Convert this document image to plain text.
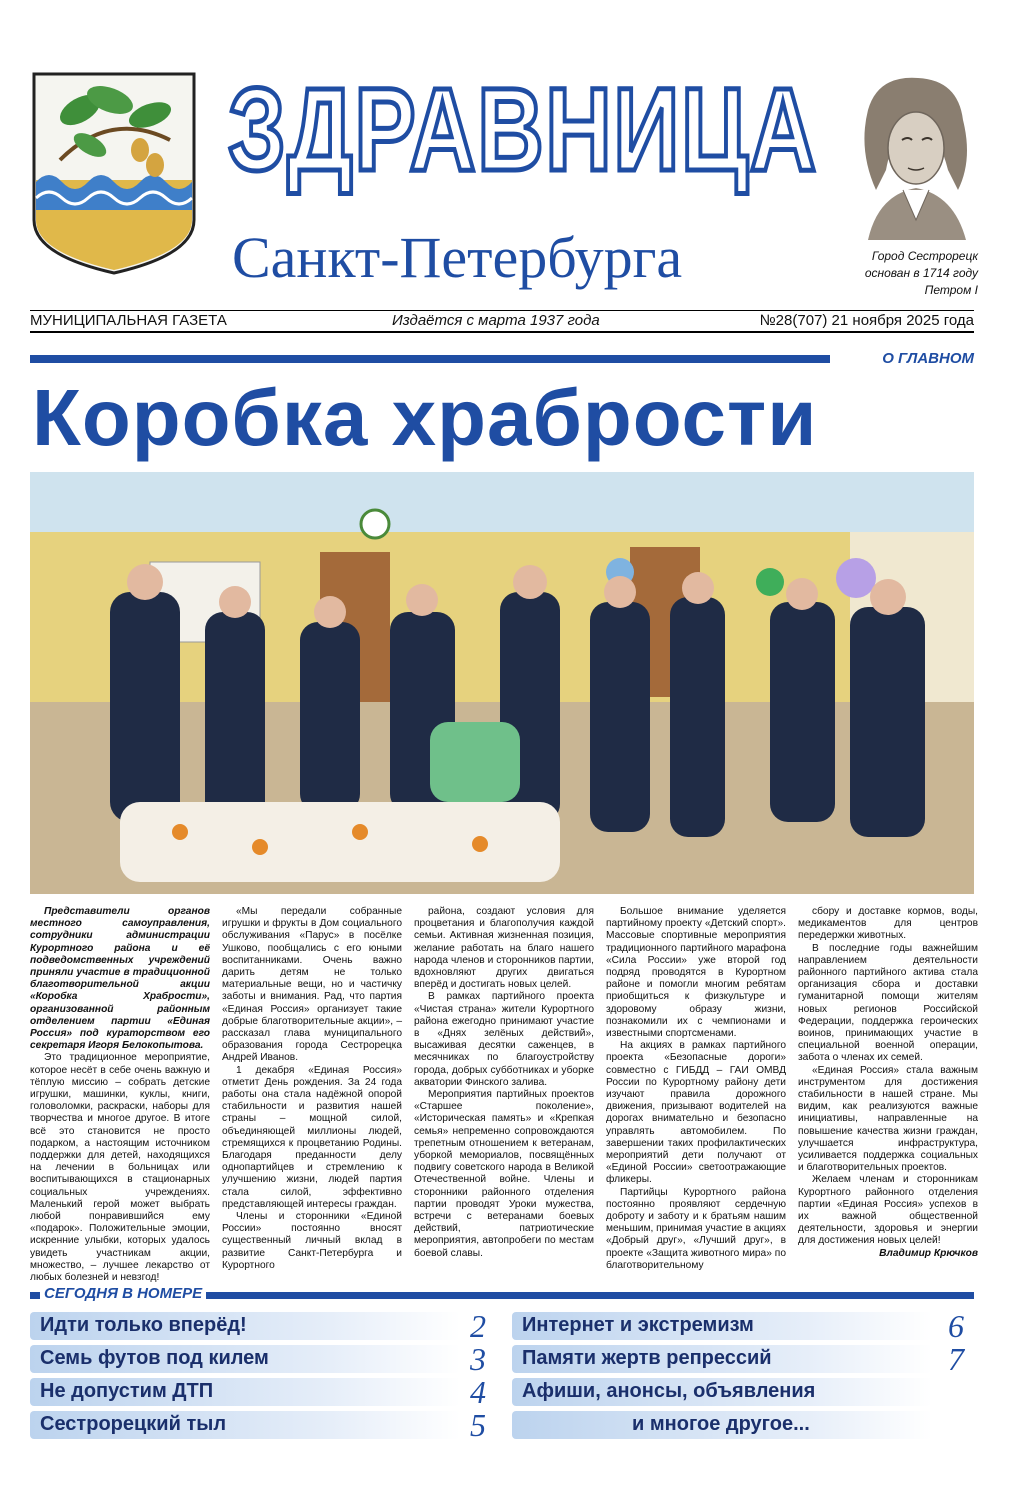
ЗДРАВНИЦА
Санкт-Петербурга	Город Сестрорецк
основан в 1714 году
Петром I
МУНИЦИПАЛЬНАЯ ГАЗЕТА	Издаётся с марта 1937 года	№28(707) 21 ноября 2025 года
О ГЛАВНОМ
Коробка храбрости

Представители органов местного самоуправления, сотрудники администрации Курортного района и её подведомственных учреждений приняли участие в традиционной благотворительной акции «Коробка Храбрости», организованной районным отделением партии «Единая Россия» под кураторством его секретаря Игоря Белокопытова.

Это традиционное мероприятие, которое несёт в себе очень важную и тёплую миссию – собрать детские игрушки, машинки, куклы, книги, головоломки, раскраски, наборы для творчества и многое другое. В итоге всё это становится не просто подарком, а настоящим источником поддержки для детей, находящихся на лечении в больницах или воспитывающихся в стационарных социальных учреждениях. Маленький герой может выбрать любой понравившийся ему «подарок». Положительные эмоции, искренние улыбки, которых удалось увидеть участникам акции, множество, – лучшее лекарство от любых болезней и невзгод!

«Мы передали собранные игрушки и фрукты в Дом социального обслуживания «Парус» в посёлке Ушково, пообщались с его юными воспитанниками. Очень важно дарить детям не только материальные вещи, но и частичку заботы и внимания. Рад, что партия «Единая Россия» организует такие добрые благотворительные акции», – рассказал глава муниципального образования города Сестрорецка Андрей Иванов.

1 декабря «Единая Россия» отметит День рождения. За 24 года работы она стала надёжной опорой стабильности и развития нашей страны – мощной силой, объединяющей миллионы людей, стремящихся к процветанию Родины. Благодаря преданности делу однопартийцев и стремлению к улучшению жизни, людей партия стала силой, эффективно представляющей интересы граждан.

Члены и сторонники «Единой России» постоянно вносят существенный личный вклад в развитие Санкт-Петербурга и Курортного

района, создают условия для процветания и благополучия каждой семьи. Активная жизненная позиция, желание работать на благо нашего народа членов и сторонников партии, вдохновляют других двигаться вперёд и достигать новых целей.

В рамках партийного проекта «Чистая страна» жители Курортного района ежегодно принимают участие в «Днях зелёных действий», высаживая десятки саженцев, в месячниках по благоустройству города, добрых субботниках и уборке акватории Финского залива.

Мероприятия партийных проектов «Старшее поколение», «Историческая память» и «Крепкая семья» непременно сопровождаются трепетным отношением к ветеранам, уборкой мемориалов, посвящённых подвигу советского народа в Великой Отечественной войне. Члены и сторонники районного отделения партии проводят Уроки мужества, встречи с ветеранами боевых действий, патриотические мероприятия, автопробеги по местам боевой славы.

Большое внимание уделяется партийному проекту «Детский спорт». Массовые спортивные мероприятия традиционного партийного марафона «Сила России» уже второй год подряд проводятся в Курортном районе и помогли многим ребятам приобщиться к физкультуре и здоровому образу жизни, познакомили их с чемпионами и известными спортсменами.

На акциях в рамках партийного проекта «Безопасные дороги» совместно с ГИБДД – ГАИ ОМВД России по Курортному району дети изучают правила дорожного движения, призывают водителей на дорогах внимательно и безопасно управлять автомобилем. По завершении таких профилактических мероприятий дети получают от «Единой России» светоотражающие фликеры.

Партийцы Курортного района постоянно проявляют сердечную доброту и заботу и к братьям нашим меньшим, принимая участие в акциях «Добрый друг», «Лучший друг», в проекте «Защита животного мира» по благотворительному

сбору и доставке кормов, воды, медикаментов для центров передержки животных.

В последние годы важнейшим направлением деятельности районного партийного актива стала организация сбора и доставки гуманитарной помощи жителям новых регионов Российской Федерации, поддержка героических воинов, принимающих участие в специальной военной операции, забота о членах их семей.

«Единая Россия» стала важным инструментом для достижения стабильности в нашей стране. Мы видим, как реализуются важные инициативы, направленные на повышение качества жизни граждан, улучшается инфраструктура, усиливается поддержка социальных и благотворительных проектов.

Желаем членам и сторонникам Курортного районного отделения партии «Единая Россия» успехов в их важной общественной деятельности, здоровья и энергии для достижения новых целей!

Владимир Крючков

СЕГОДНЯ В НОМЕРЕ
Идти только вперёд!	2
Семь футов под килем	3
Не допустим ДТП	4
Сестрорецкий тыл	5
Интернет и экстремизм	6
Памяти жертв репрессий	7
Афиши, анонсы, объявления
и многое другое...
